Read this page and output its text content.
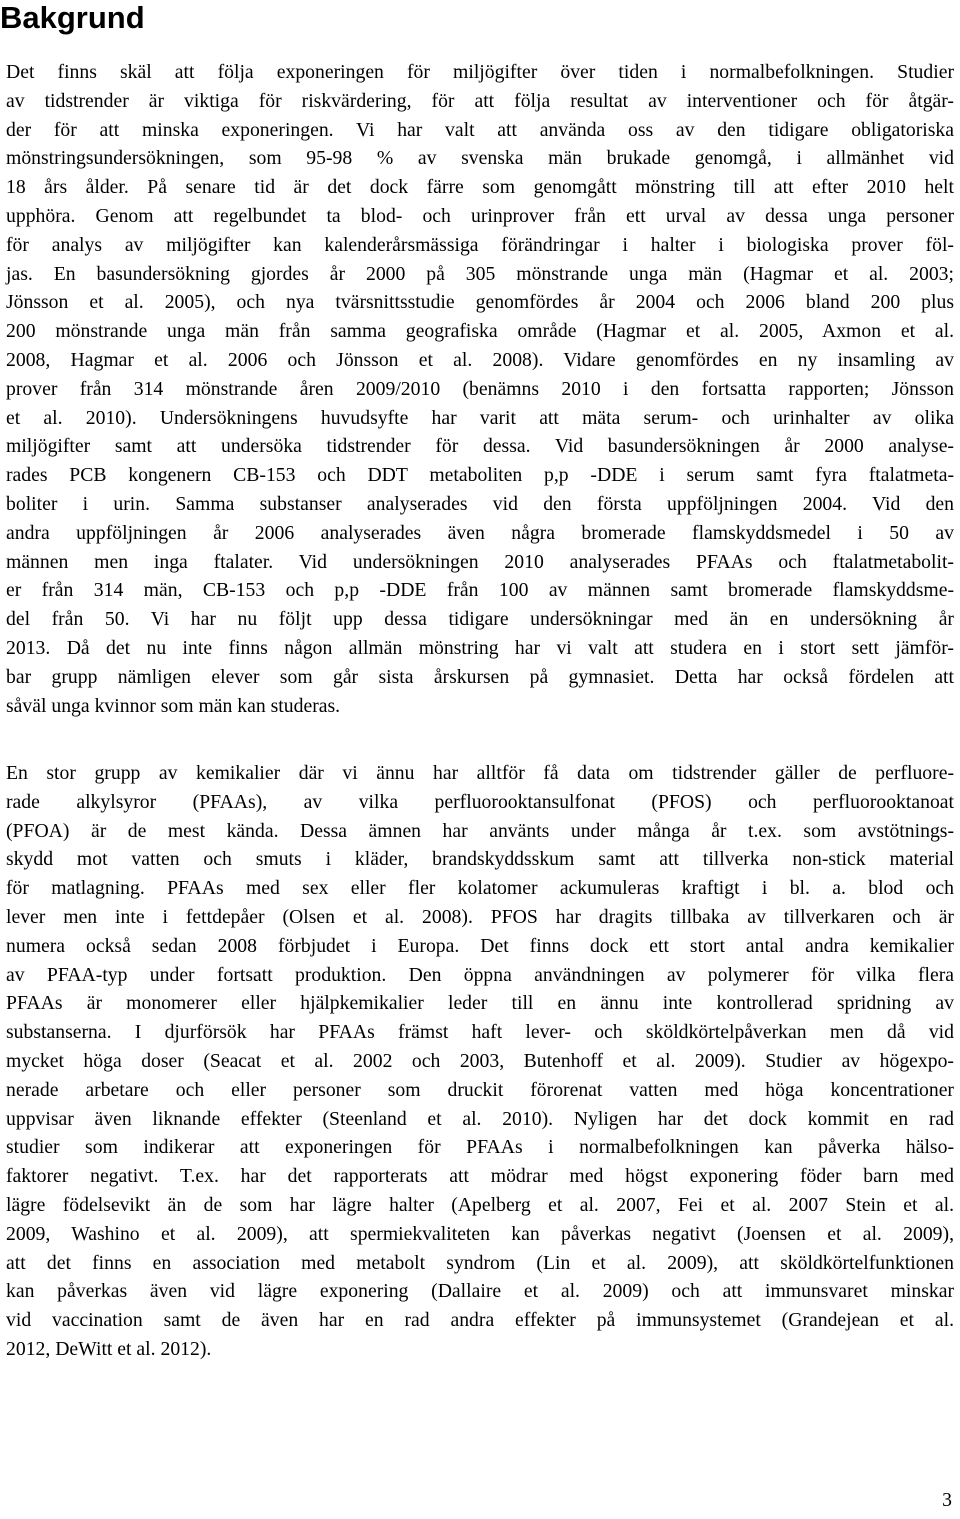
Bakgrund
Det finns skäl att följa exponeringen för miljögifter över tiden i normalbefolkningen. Studier
av tidstrender är viktiga för riskvärdering, för att följa resultat av interventioner och för åtgär-
der för att minska exponeringen. Vi har valt att använda oss av den tidigare obligatoriska
mönstringsundersökningen, som 95-98 % av svenska män brukade genomgå, i allmänhet vid
18 års ålder. På senare tid är det dock färre som genomgått mönstring till att efter 2010 helt
upphöra. Genom att regelbundet ta blod- och urinprover från ett urval av dessa unga personer
för analys av miljögifter kan kalenderårsmässiga förändringar i halter i biologiska prover föl-
jas. En basundersökning gjordes år 2000 på 305 mönstrande unga män (Hagmar et al. 2003;
Jönsson et al. 2005), och nya tvärsnittsstudie genomfördes år 2004 och 2006 bland 200 plus
200 mönstrande unga män från samma geografiska område (Hagmar et al. 2005, Axmon et al.
2008, Hagmar et al. 2006 och Jönsson et al. 2008). Vidare genomfördes en ny insamling av
prover från 314 mönstrande åren 2009/2010 (benämns 2010 i den fortsatta rapporten; Jönsson
et al. 2010). Undersökningens huvudsyfte har varit att mäta serum- och urinhalter av olika
miljögifter samt att undersöka tidstrender för dessa. Vid basundersökningen år 2000 analyse-
rades PCB kongenern CB-153 och DDT metaboliten p,p -DDE i serum samt fyra ftalatmeta-
boliter i urin. Samma substanser analyserades vid den första uppföljningen 2004. Vid den
andra uppföljningen år 2006 analyserades även några bromerade flamskyddsmedel i 50 av
männen men inga ftalater. Vid undersökningen 2010 analyserades PFAAs och ftalatmetabolit-
er från 314 män, CB-153 och p,p -DDE från 100 av männen samt bromerade flamskyddsme-
del från 50. Vi har nu följt upp dessa tidigare undersökningar med än en undersökning år
2013. Då det nu inte finns någon allmän mönstring har vi valt att studera en i stort sett jämför-
bar grupp nämligen elever som går sista årskursen på gymnasiet. Detta har också fördelen att
såväl unga kvinnor som män kan studeras.
En stor grupp av kemikalier där vi ännu har alltför få data om tidstrender gäller de perfluore-
rade alkylsyror (PFAAs), av vilka perfluorooktansulfonat (PFOS) och perfluorooktanoat
(PFOA) är de mest kända. Dessa ämnen har använts under många år t.ex. som avstötnings-
skydd mot vatten och smuts i kläder, brandskyddsskum samt att tillverka non-stick material
för matlagning. PFAAs med sex eller fler kolatomer ackumuleras kraftigt i bl. a. blod och
lever men inte i fettdepåer (Olsen et al. 2008). PFOS har dragits tillbaka av tillverkaren och är
numera också sedan 2008 förbjudet i Europa. Det finns dock ett stort antal andra kemikalier
av PFAA-typ under fortsatt produktion. Den öppna användningen av polymerer för vilka flera
PFAAs är monomerer eller hjälpkemikalier leder till en ännu inte kontrollerad spridning av
substanserna. I djurförsök har PFAAs främst haft lever- och sköldkörtelpåverkan men då vid
mycket höga doser (Seacat et al. 2002 och 2003, Butenhoff et al. 2009). Studier av högexpo-
nerade arbetare och eller personer som druckit förorenat vatten med höga koncentrationer
uppvisar även liknande effekter (Steenland et al. 2010). Nyligen har det dock kommit en rad
studier som indikerar att exponeringen för PFAAs i normalbefolkningen kan påverka hälso-
faktorer negativt. T.ex. har det rapporterats att mödrar med högst exponering föder barn med
lägre födelsevikt än de som har lägre halter (Apelberg et al. 2007, Fei et al. 2007 Stein et al.
2009, Washino et al. 2009), att spermiekvaliteten kan påverkas negativt (Joensen et al. 2009),
att det finns en association med metabolt syndrom (Lin et al. 2009), att sköldkörtelfunktionen
kan påverkas även vid lägre exponering (Dallaire et al. 2009) och att immunsvaret minskar
vid vaccination samt de även har en rad andra effekter på immunsystemet (Grandejean et al.
2012, DeWitt et al. 2012).
3
